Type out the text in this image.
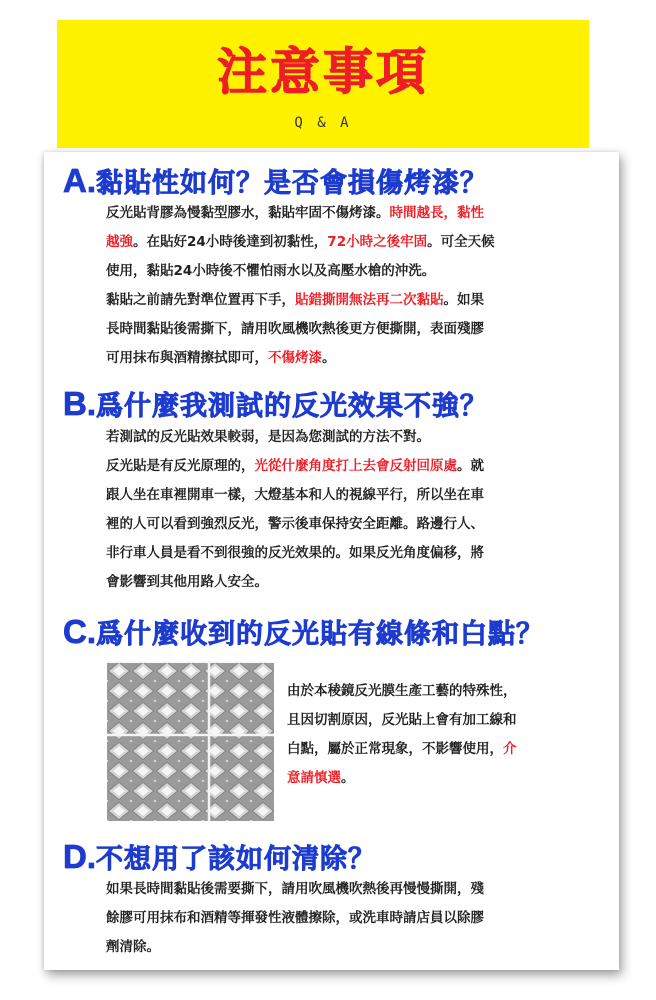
注意事項
Q & A
A.黏貼性如何？是否會損傷烤漆？

反光貼背膠為慢黏型膠水，黏貼牢固不傷烤漆。時間越長，黏性

越強。在貼好24小時後達到初黏性，72小時之後牢固。可全天候

使用，黏貼24小時後不懼怕雨水以及高壓水槍的沖洗。

黏貼之前請先對準位置再下手，貼錯撕開無法再二次黏貼。如果

長時間黏貼後需撕下，請用吹風機吹熱後更方便撕開，表面殘膠

可用抹布與酒精擦拭即可，不傷烤漆。

B.爲什麼我測試的反光效果不強？

若測試的反光貼效果較弱，是因為您測試的方法不對。

反光貼是有反光原理的，光從什麼角度打上去會反射回原處。就

跟人坐在車裡開車一樣，大燈基本和人的視線平行，所以坐在車

裡的人可以看到強烈反光，警示後車保持安全距離。路邊行人、

非行車人員是看不到很強的反光效果的。如果反光角度偏移，將

會影響到其他用路人安全。

C.爲什麼收到的反光貼有線條和白點？

由於本稜鏡反光膜生產工藝的特殊性，

且因切割原因，反光貼上會有加工線和

白點，屬於正常現象，不影響使用，介

意請慎選。

D.不想用了該如何清除？

如果長時間黏貼後需要撕下，請用吹風機吹熱後再慢慢撕開，殘

餘膠可用抹布和酒精等揮發性液體擦除，或洗車時請店員以除膠

劑清除。
